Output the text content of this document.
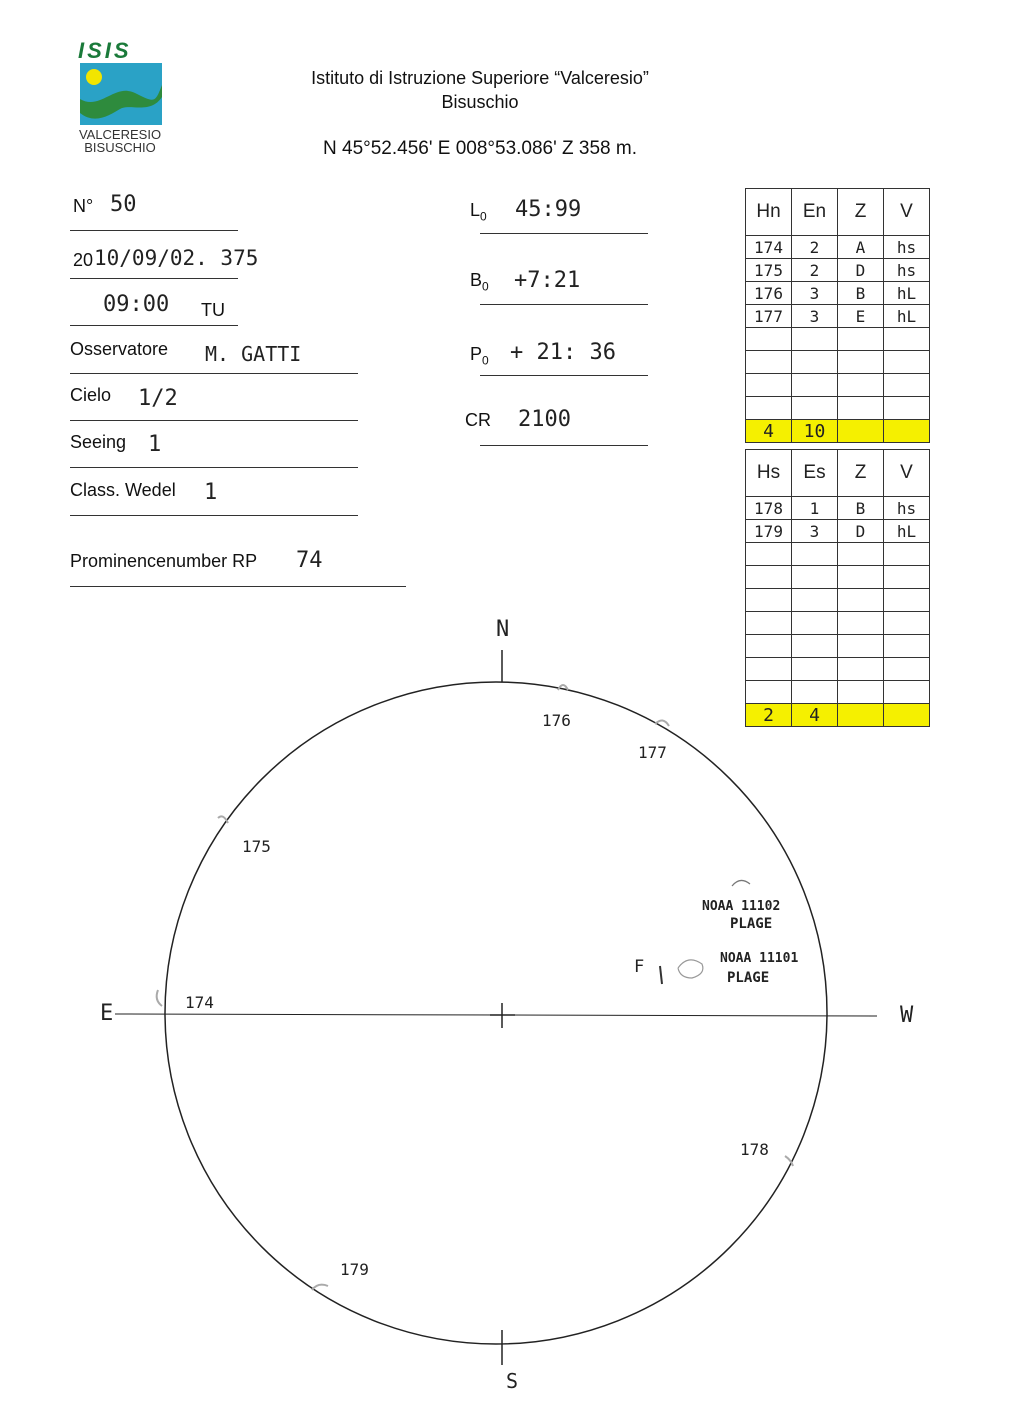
ISIS
VALCERESIO
BISUSCHIO
Istituto di Istruzione Superiore “Valceresio”
Bisuschio
N 45°52.456' E 008°53.086' Z 358 m.
N° 50
20 10/09/02. 375
09:00 TU
Osservatore M. GATTI
Cielo 1/2
Seeing 1
Class. Wedel 1
Prominencenumber RP 74
$L_0$ 45:99
$B_0$ +7:21
$P_0 + 21$: 36
CR 2100
Hn	En	Z	V
174	2	A	hs
175	2	D	hs
176	3	B	hL
177	3	E	hL

4	10		
Hs	Es	Z	V
178	1	B	hs
179	3	D	hL

2	4		
N
S
E	W
176
177
175
174
178
179
NOAA 11102
PLAGE
NOAA 11101
PLAGE
F
